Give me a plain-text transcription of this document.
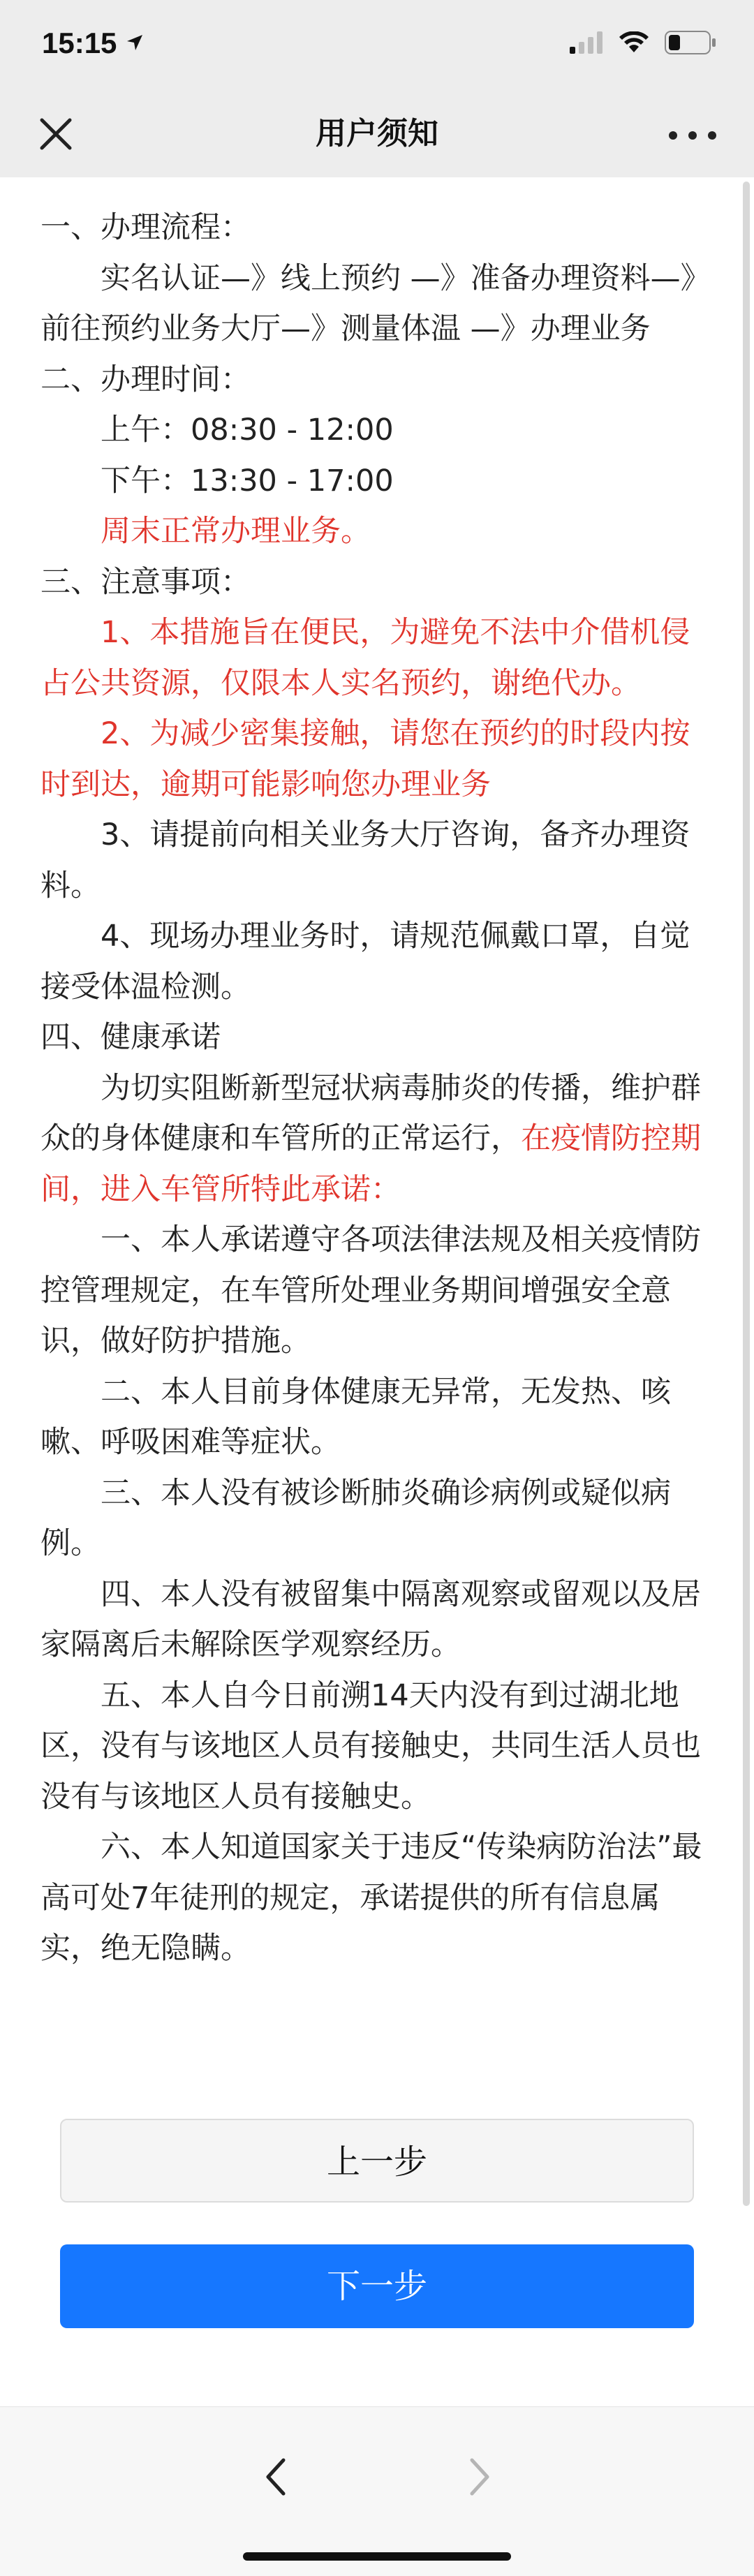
15:15
用户须知

一、办理流程：

实名认证—》线上预约 —》准备办理资料—》前往预约业务大厅—》测量体温 —》办理业务

二、办理时间：

上午：08:30 - 12:00

下午：13:30 - 17:00

周末正常办理业务。

三、注意事项：

1、本措施旨在便民，为避免不法中介借机侵占公共资源，仅限本人实名预约，谢绝代办。

2、为减少密集接触，请您在预约的时段内按时到达，逾期可能影响您办理业务

3、请提前向相关业务大厅咨询，备齐办理资料。

4、现场办理业务时，请规范佩戴口罩，自觉接受体温检测。

四、健康承诺

为切实阻断新型冠状病毒肺炎的传播，维护群众的身体健康和车管所的正常运行，在疫情防控期间，进入车管所特此承诺：

一、本人承诺遵守各项法律法规及相关疫情防控管理规定，在车管所处理业务期间增强安全意识，做好防护措施。

二、本人目前身体健康无异常，无发热、咳嗽、呼吸困难等症状。

三、本人没有被诊断肺炎确诊病例或疑似病例。

四、本人没有被留集中隔离观察或留观以及居家隔离后未解除医学观察经历。

五、本人自今日前溯14天内没有到过湖北地区，没有与该地区人员有接触史，共同生活人员也没有与该地区人员有接触史。

六、本人知道国家关于违反“传染病防治法”最高可处7年徒刑的规定，承诺提供的所有信息属实，绝无隐瞒。

上一步
下一步
